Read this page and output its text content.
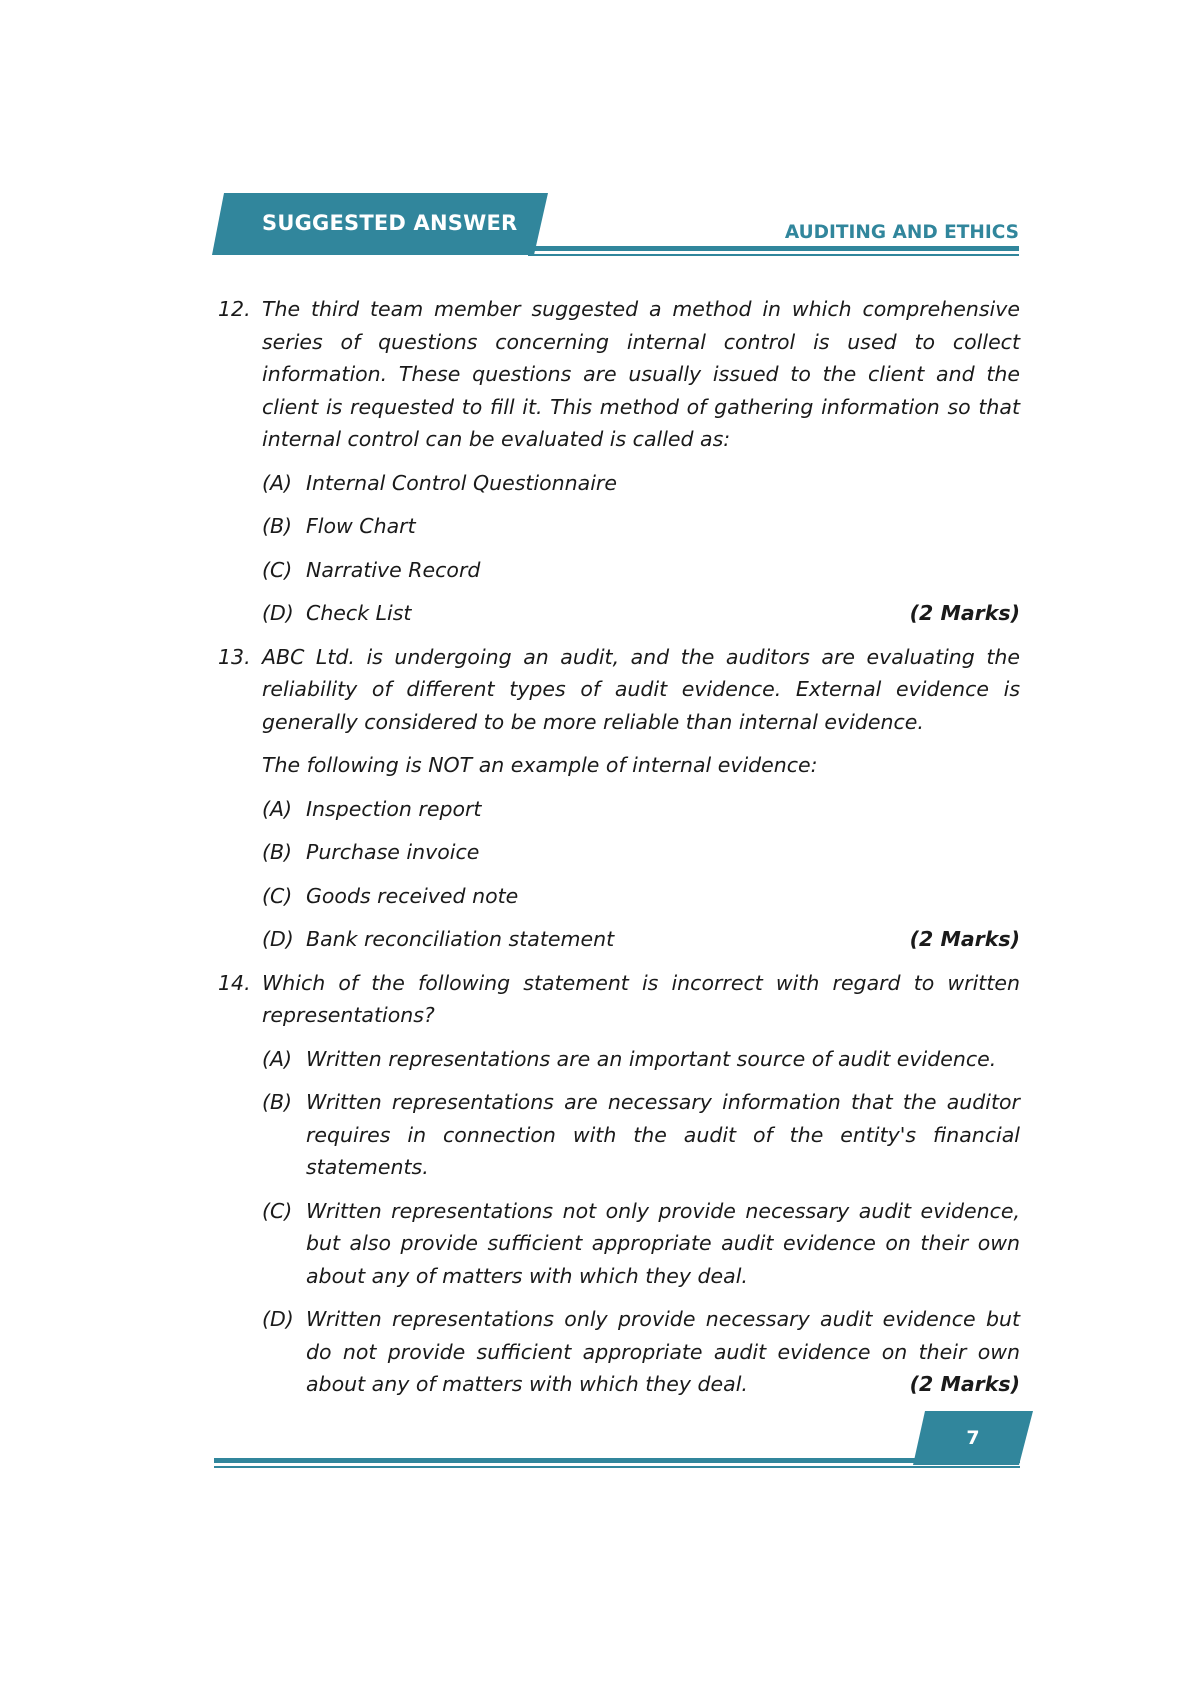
SUGGESTED ANSWER	AUDITING AND ETHICS
12. The third team member suggested a method in which comprehensive series of questions concerning internal control is used to collect information. These questions are usually issued to the client and the client is requested to fill it. This method of gathering information so that internal control can be evaluated is called as:
(A) Internal Control Questionnaire
(B) Flow Chart
(C) Narrative Record
(D)	(2 Marks)
Check List
13. ABC Ltd. is undergoing an audit, and the auditors are evaluating the reliability of different types of audit evidence. External evidence is generally considered to be more reliable than internal evidence.
The following is NOT an example of internal evidence:
(A) Inspection report
(B) Purchase invoice
(C) Goods received note
(D)	(2 Marks)
Bank reconciliation statement
14. Which of the following statement is incorrect with regard to written representations?
(A) Written representations are an important source of audit evidence.
(B) Written representations are necessary information that the auditor requires in connection with the audit of the entity's financial statements.
(C) Written representations not only provide necessary audit evidence, but also provide sufficient appropriate audit evidence on their own about any of matters with which they deal.
(D) Written representations only provide necessary audit evidence but do not provide sufficient appropriate audit evidence on their own about any of matters with which they deal.	(2 Marks)
7
